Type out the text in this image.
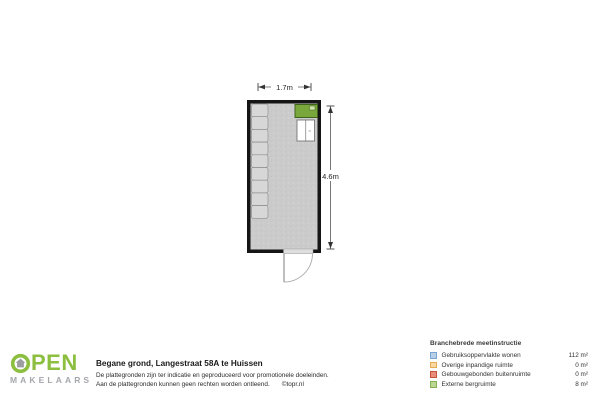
1.7m
4.6m
PEN
MAKELAARS

Begane grond, Langestraat 58A te Huissen

De plattegronden zijn ter indicatie en geproduceerd voor promotionele doeleinden.
Aan de plattegronden kunnen geen rechten worden ontleend. ©topr.nl

Branchebrede meetinstructie

Gebruiksoppervlakte wonen	112 m²
Overige inpandige ruimte	0 m²
Gebouwgebonden buitenruimte	0 m²
Externe bergruimte	8 m²
